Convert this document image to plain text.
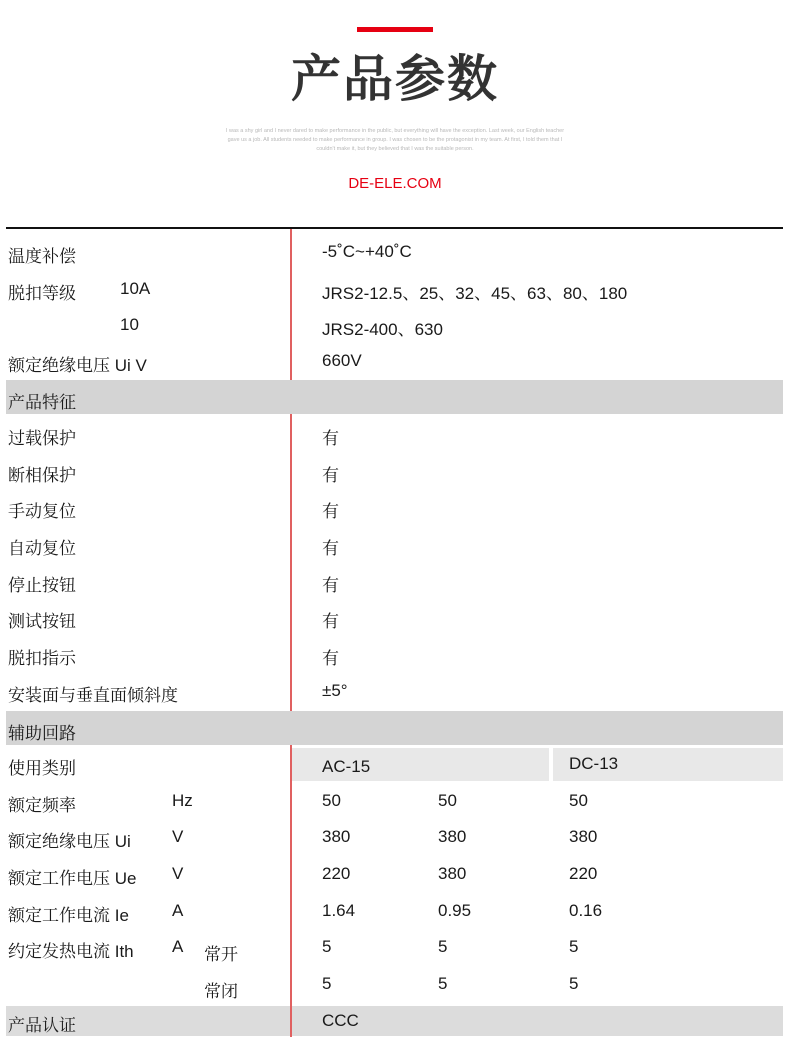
产品参数
I was a shy girl and I never dared to make performance in the public, but everything will have the exception. Last week, our English teacher gave us a job. All students needed to make performance in group. I was chosen to be the protagonist in my team. At first, I told them that I couldn't make it, but they believed that I was the suitable person.
DE-ELE.COM
温度补偿	-5˚C~+40˚C
脱扣等级	10A	JRS2-12.5、25、32、45、63、80、180
10	JRS2-400、630
额定绝缘电压 Ui V	660V
产品特征
过载保护	有
断相保护	有
手动复位	有
自动复位	有
停止按钮	有
测试按钮	有
脱扣指示	有
安装面与垂直面倾斜度	±5°
辅助回路
使用类别	AC-15	DC-13
额定频率	Hz	50	50	50
额定绝缘电压 Ui V	380	380	380
额定工作电压 Ue V	220	380	220
额定工作电流 Ie	A	1.64	0.95	0.16
约定发热电流 Ith A 常开	5	5	5
常闭	5	5	5
产品认证	CCC
